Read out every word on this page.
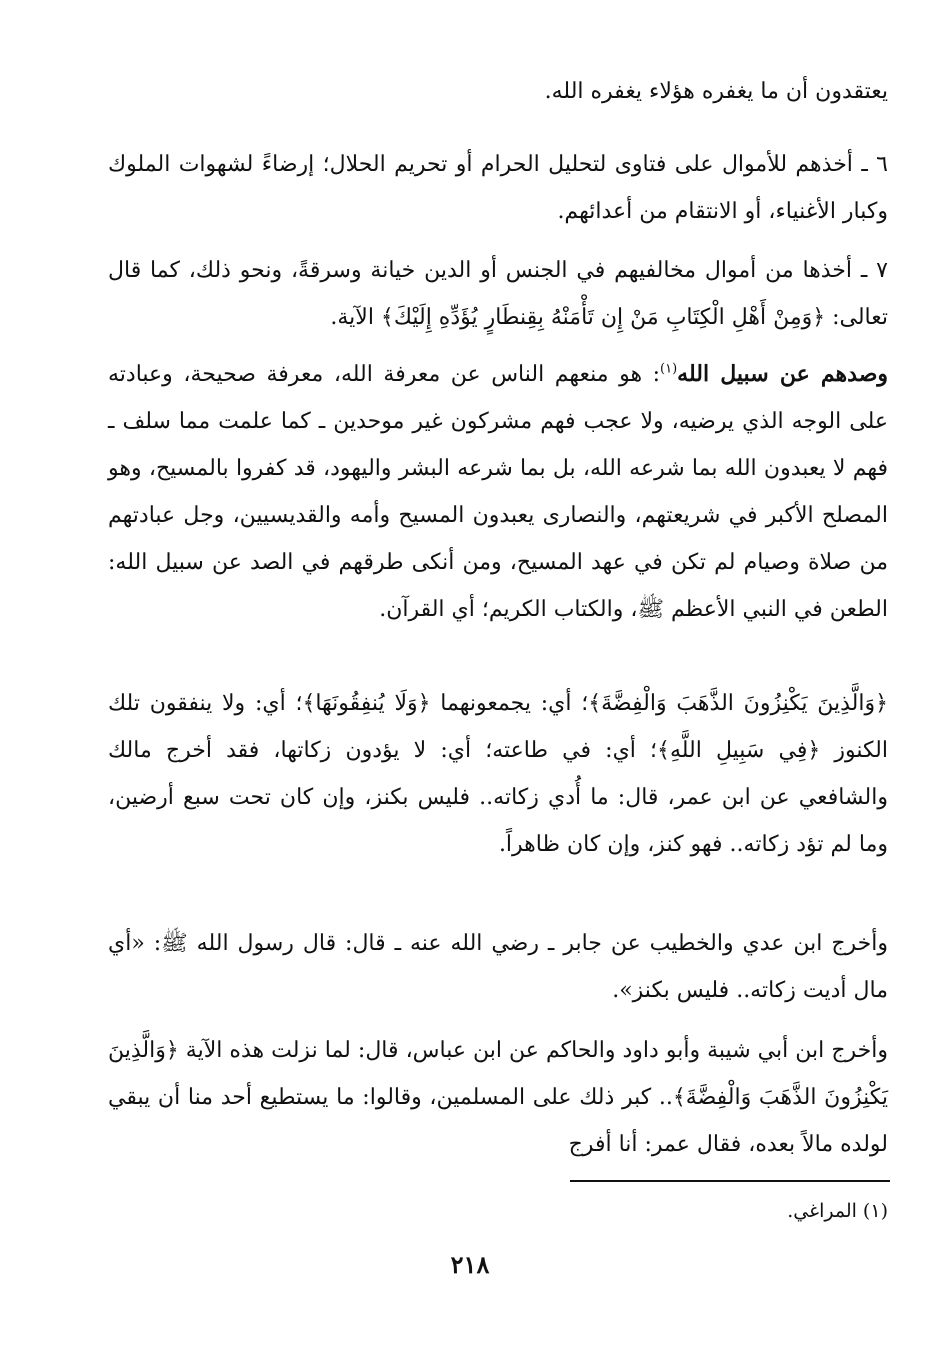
يعتقدون أن ما يغفره هؤلاء يغفره الله.

٦ ـ أخذهم للأموال على فتاوى لتحليل الحرام أو تحريم الحلال؛ إرضاءً لشهوات الملوك وكبار الأغنياء، أو الانتقام من أعدائهم.

٧ ـ أخذها من أموال مخالفيهم في الجنس أو الدين خيانة وسرقةً، ونحو ذلك، كما قال تعالى: ﴿وَمِنْ أَهْلِ الْكِتَابِ مَنْ إِن تَأْمَنْهُ بِقِنطَارٍ يُؤَدِّهِ إِلَيْكَ﴾ الآية.

وصدهم عن سبيل الله$^{(١)}$: هو منعهم الناس عن معرفة الله، معرفة صحيحة، وعبادته على الوجه الذي يرضيه، ولا عجب فهم مشركون غير موحدين ـ كما علمت مما سلف ـ فهم لا يعبدون الله بما شرعه الله، بل بما شرعه البشر واليهود، قد كفروا بالمسيح، وهو المصلح الأكبر في شريعتهم، والنصارى يعبدون المسيح وأمه والقديسيين، وجل عبادتهم من صلاة وصيام لم تكن في عهد المسيح، ومن أنكى طرقهم في الصد عن سبيل الله: الطعن في النبي الأعظم ﷺ، والكتاب الكريم؛ أي القرآن.

﴿وَالَّذِينَ يَكْنِزُونَ الذَّهَبَ وَالْفِضَّةَ﴾؛ أي: يجمعونهما ﴿وَلَا يُنفِقُونَهَا﴾؛ أي: ولا ينفقون تلك الكنوز ﴿فِي سَبِيلِ اللَّهِ﴾؛ أي: في طاعته؛ أي: لا يؤدون زكاتها، فقد أخرج مالك والشافعي عن ابن عمر، قال: ما أُدي زكاته.. فليس بكنز، وإن كان تحت سبع أرضين، وما لم تؤد زكاته.. فهو كنز، وإن كان ظاهراً.

وأخرج ابن عدي والخطيب عن جابر ـ رضي الله عنه ـ قال: قال رسول الله ﷺ: «أي مال أديت زكاته.. فليس بكنز».

وأخرج ابن أبي شيبة وأبو داود والحاكم عن ابن عباس، قال: لما نزلت هذه الآية ﴿وَالَّذِينَ يَكْنِزُونَ الذَّهَبَ وَالْفِضَّةَ﴾.. كبر ذلك على المسلمين، وقالوا: ما يستطيع أحد منا أن يبقي لولده مالاً بعده، فقال عمر: أنا أفرج

(١) المراغي.
٢١٨
